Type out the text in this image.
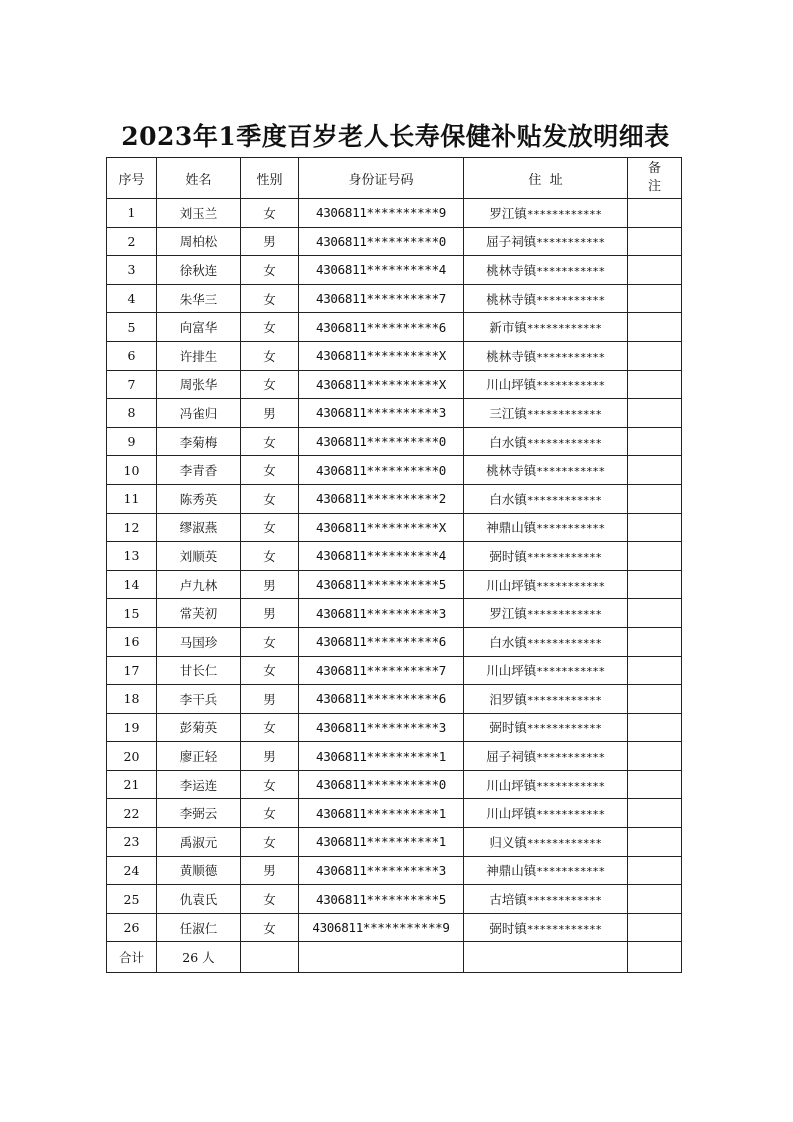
2023年1季度百岁老人长寿保健补贴发放明细表
序号	姓名	性别	身份证号码	住  址	备
注
1	刘玉兰	女	4306811**********9	罗江镇************	
2	周柏松	男	4306811**********0	屈子祠镇***********	
3	徐秋连	女	4306811**********4	桃林寺镇***********	
4	朱华三	女	4306811**********7	桃林寺镇***********	
5	向富华	女	4306811**********6	新市镇************	
6	许排生	女	4306811**********X	桃林寺镇***********	
7	周张华	女	4306811**********X	川山坪镇***********	
8	冯雀归	男	4306811**********3	三江镇************	
9	李菊梅	女	4306811**********0	白水镇************	
10	李青香	女	4306811**********0	桃林寺镇***********	
11	陈秀英	女	4306811**********2	白水镇************	
12	缪淑燕	女	4306811**********X	神鼎山镇***********	
13	刘顺英	女	4306811**********4	弼时镇************	
14	卢九林	男	4306811**********5	川山坪镇***********	
15	常芙初	男	4306811**********3	罗江镇************	
16	马国珍	女	4306811**********6	白水镇************	
17	甘长仁	女	4306811**********7	川山坪镇***********	
18	李干兵	男	4306811**********6	汨罗镇************	
19	彭菊英	女	4306811**********3	弼时镇************	
20	廖正轻	男	4306811**********1	屈子祠镇***********	
21	李运连	女	4306811**********0	川山坪镇***********	
22	李弼云	女	4306811**********1	川山坪镇***********	
23	禹淑元	女	4306811**********1	归义镇************	
24	黄顺德	男	4306811**********3	神鼎山镇***********	
25	仇袁氏	女	4306811**********5	古培镇************	
26	任淑仁	女	4306811***********9	弼时镇************	
合计	26 人				
